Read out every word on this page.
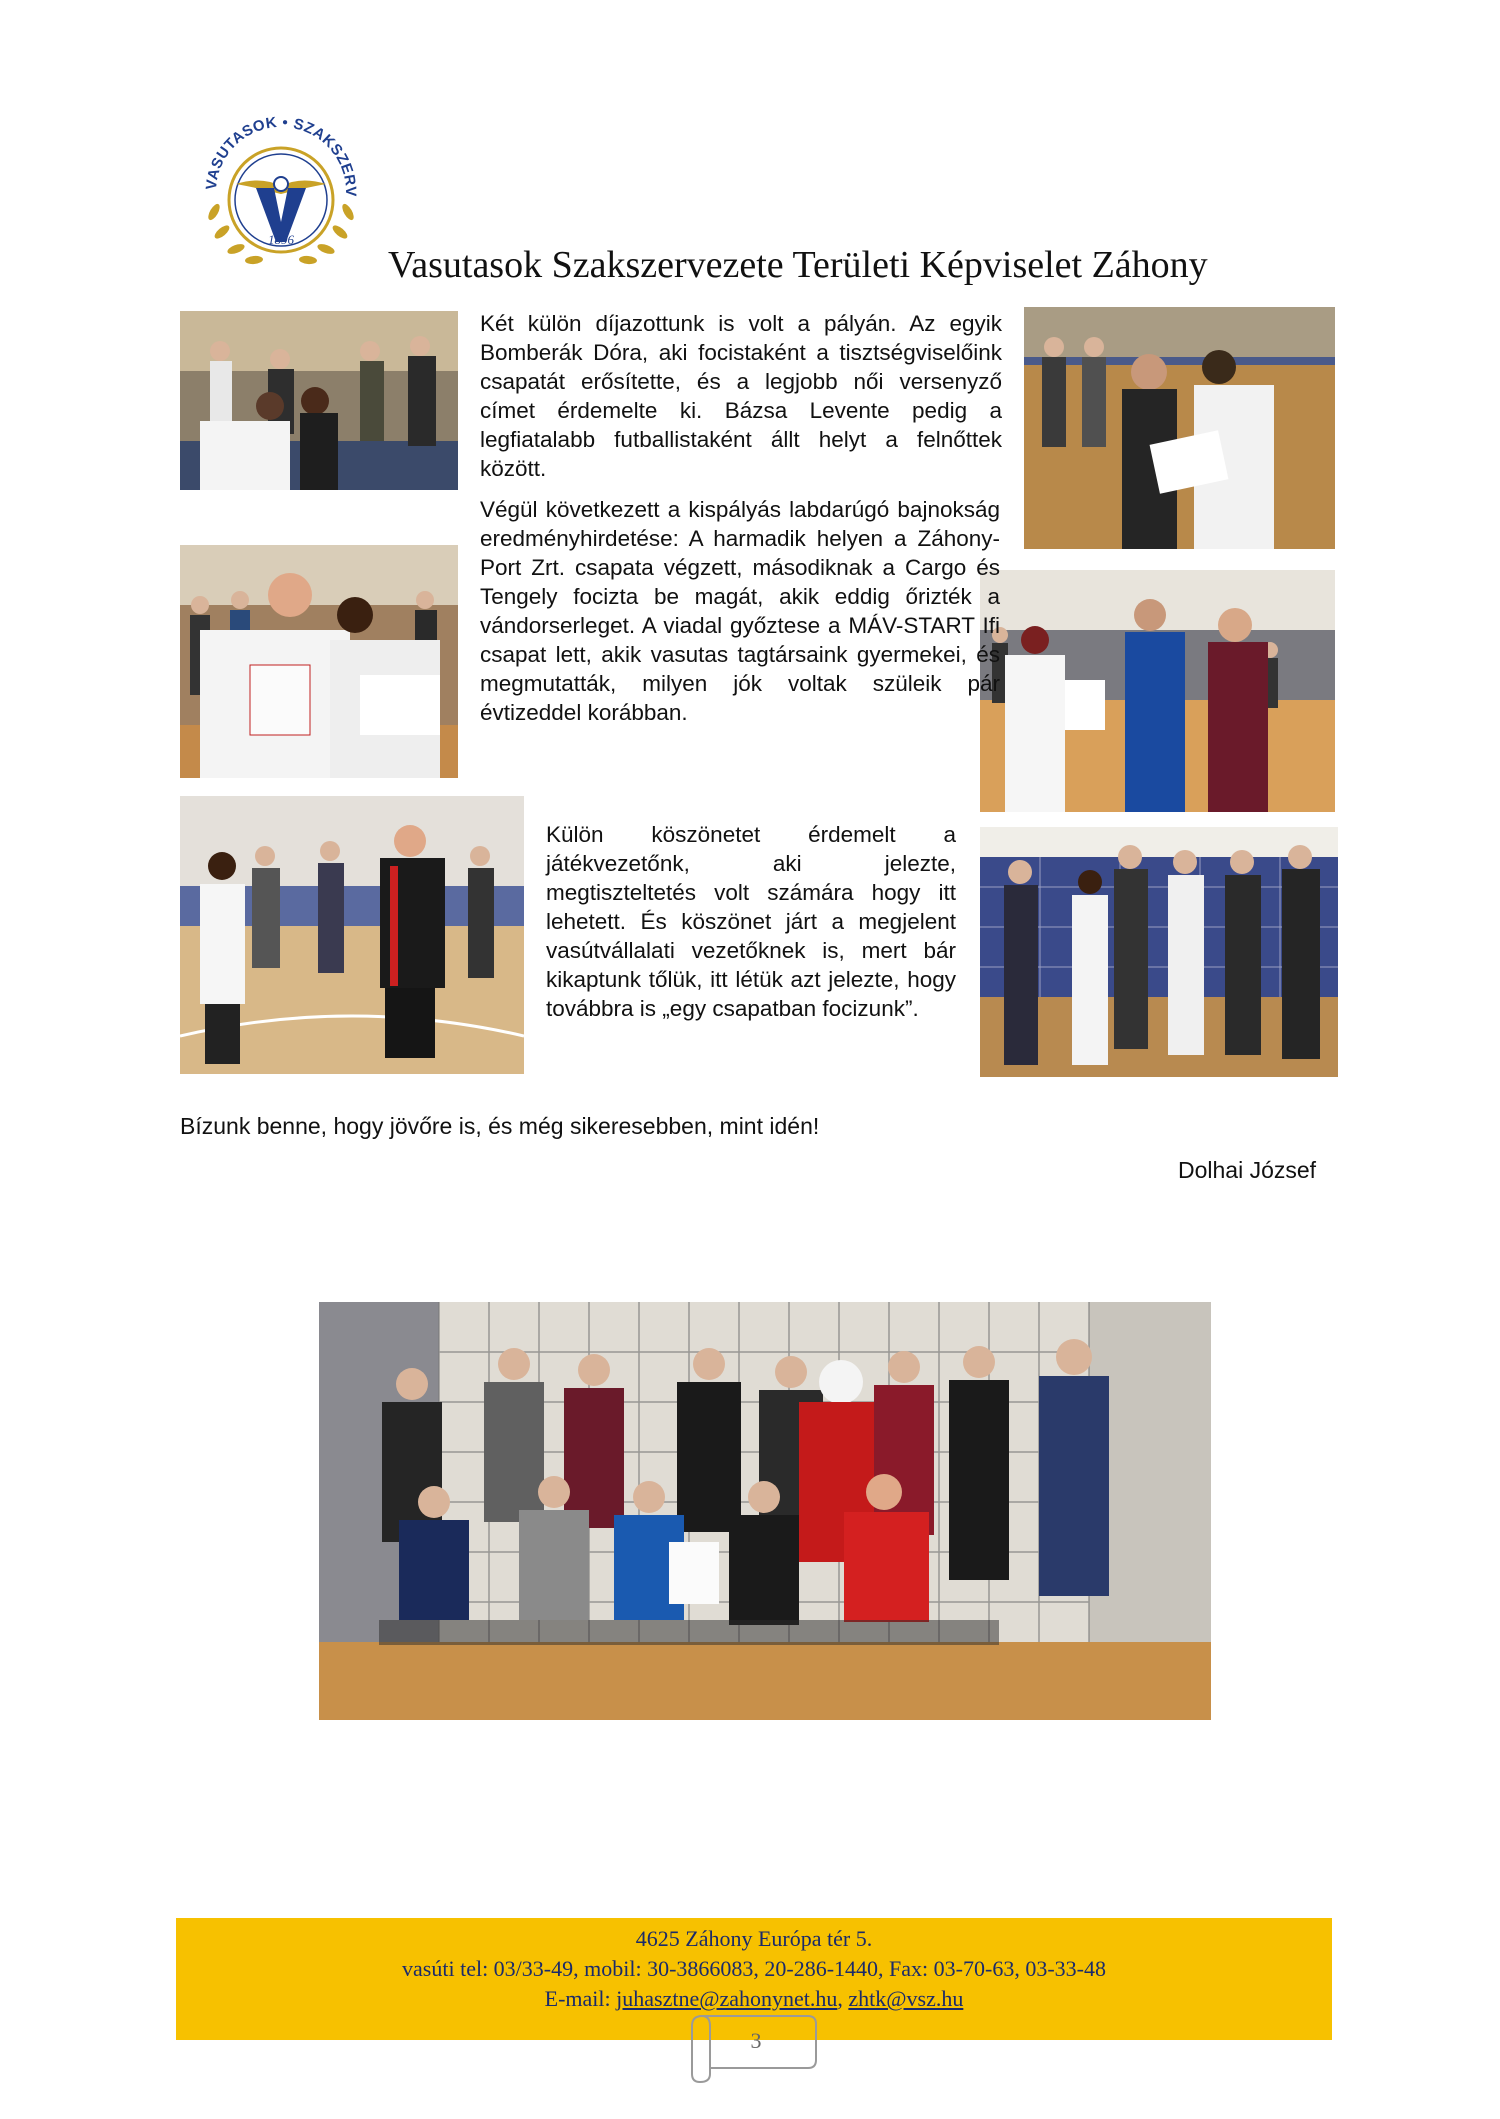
VASUTASOK • SZAKSZERV
1896
Vasutasok Szakszervezete Területi Képviselet Záhony

Két külön díjazottunk is volt a pályán. Az egyik Bomberák Dóra, aki focistaként a tisztségviselőink csapatát erősítette, és a legjobb női versenyző címet érdemelte ki. Bázsa Levente pedig a legfiatalabb futballistaként állt helyt a felnőttek között.

Végül következett a kispályás labdarúgó bajnokság eredményhirdetése: A harmadik helyen a Záhony-Port Zrt. csapata végzett, másodiknak a Cargo és Tengely focizta be magát, akik eddig őrizték a vándorserleget. A viadal győztese a MÁV-START Ifi csapat lett, akik vasutas tagtársaink gyermekei, és megmutatták, milyen jók voltak szüleik pár évtizeddel korábban.

Külön köszönetet érdemelt a játékvezetőnk, aki jelezte, megtiszteltetés volt számára hogy itt lehetett. És köszönet járt a megjelent vasútvállalati vezetőknek is, mert bár kikaptunk tőlük, itt létük azt jelezte, hogy továbbra is „egy csapatban focizunk”.

Bízunk benne, hogy jövőre is, és még sikeresebben, mint idén!
Dolhai József
4625 Záhony Európa tér 5.
vasúti tel: 03/33-49, mobil: 30-3866083, 20-286-1440, Fax: 03-70-63, 03-33-48
E-mail: juhasztne@zahonynet.hu, zhtk@vsz.hu
3
